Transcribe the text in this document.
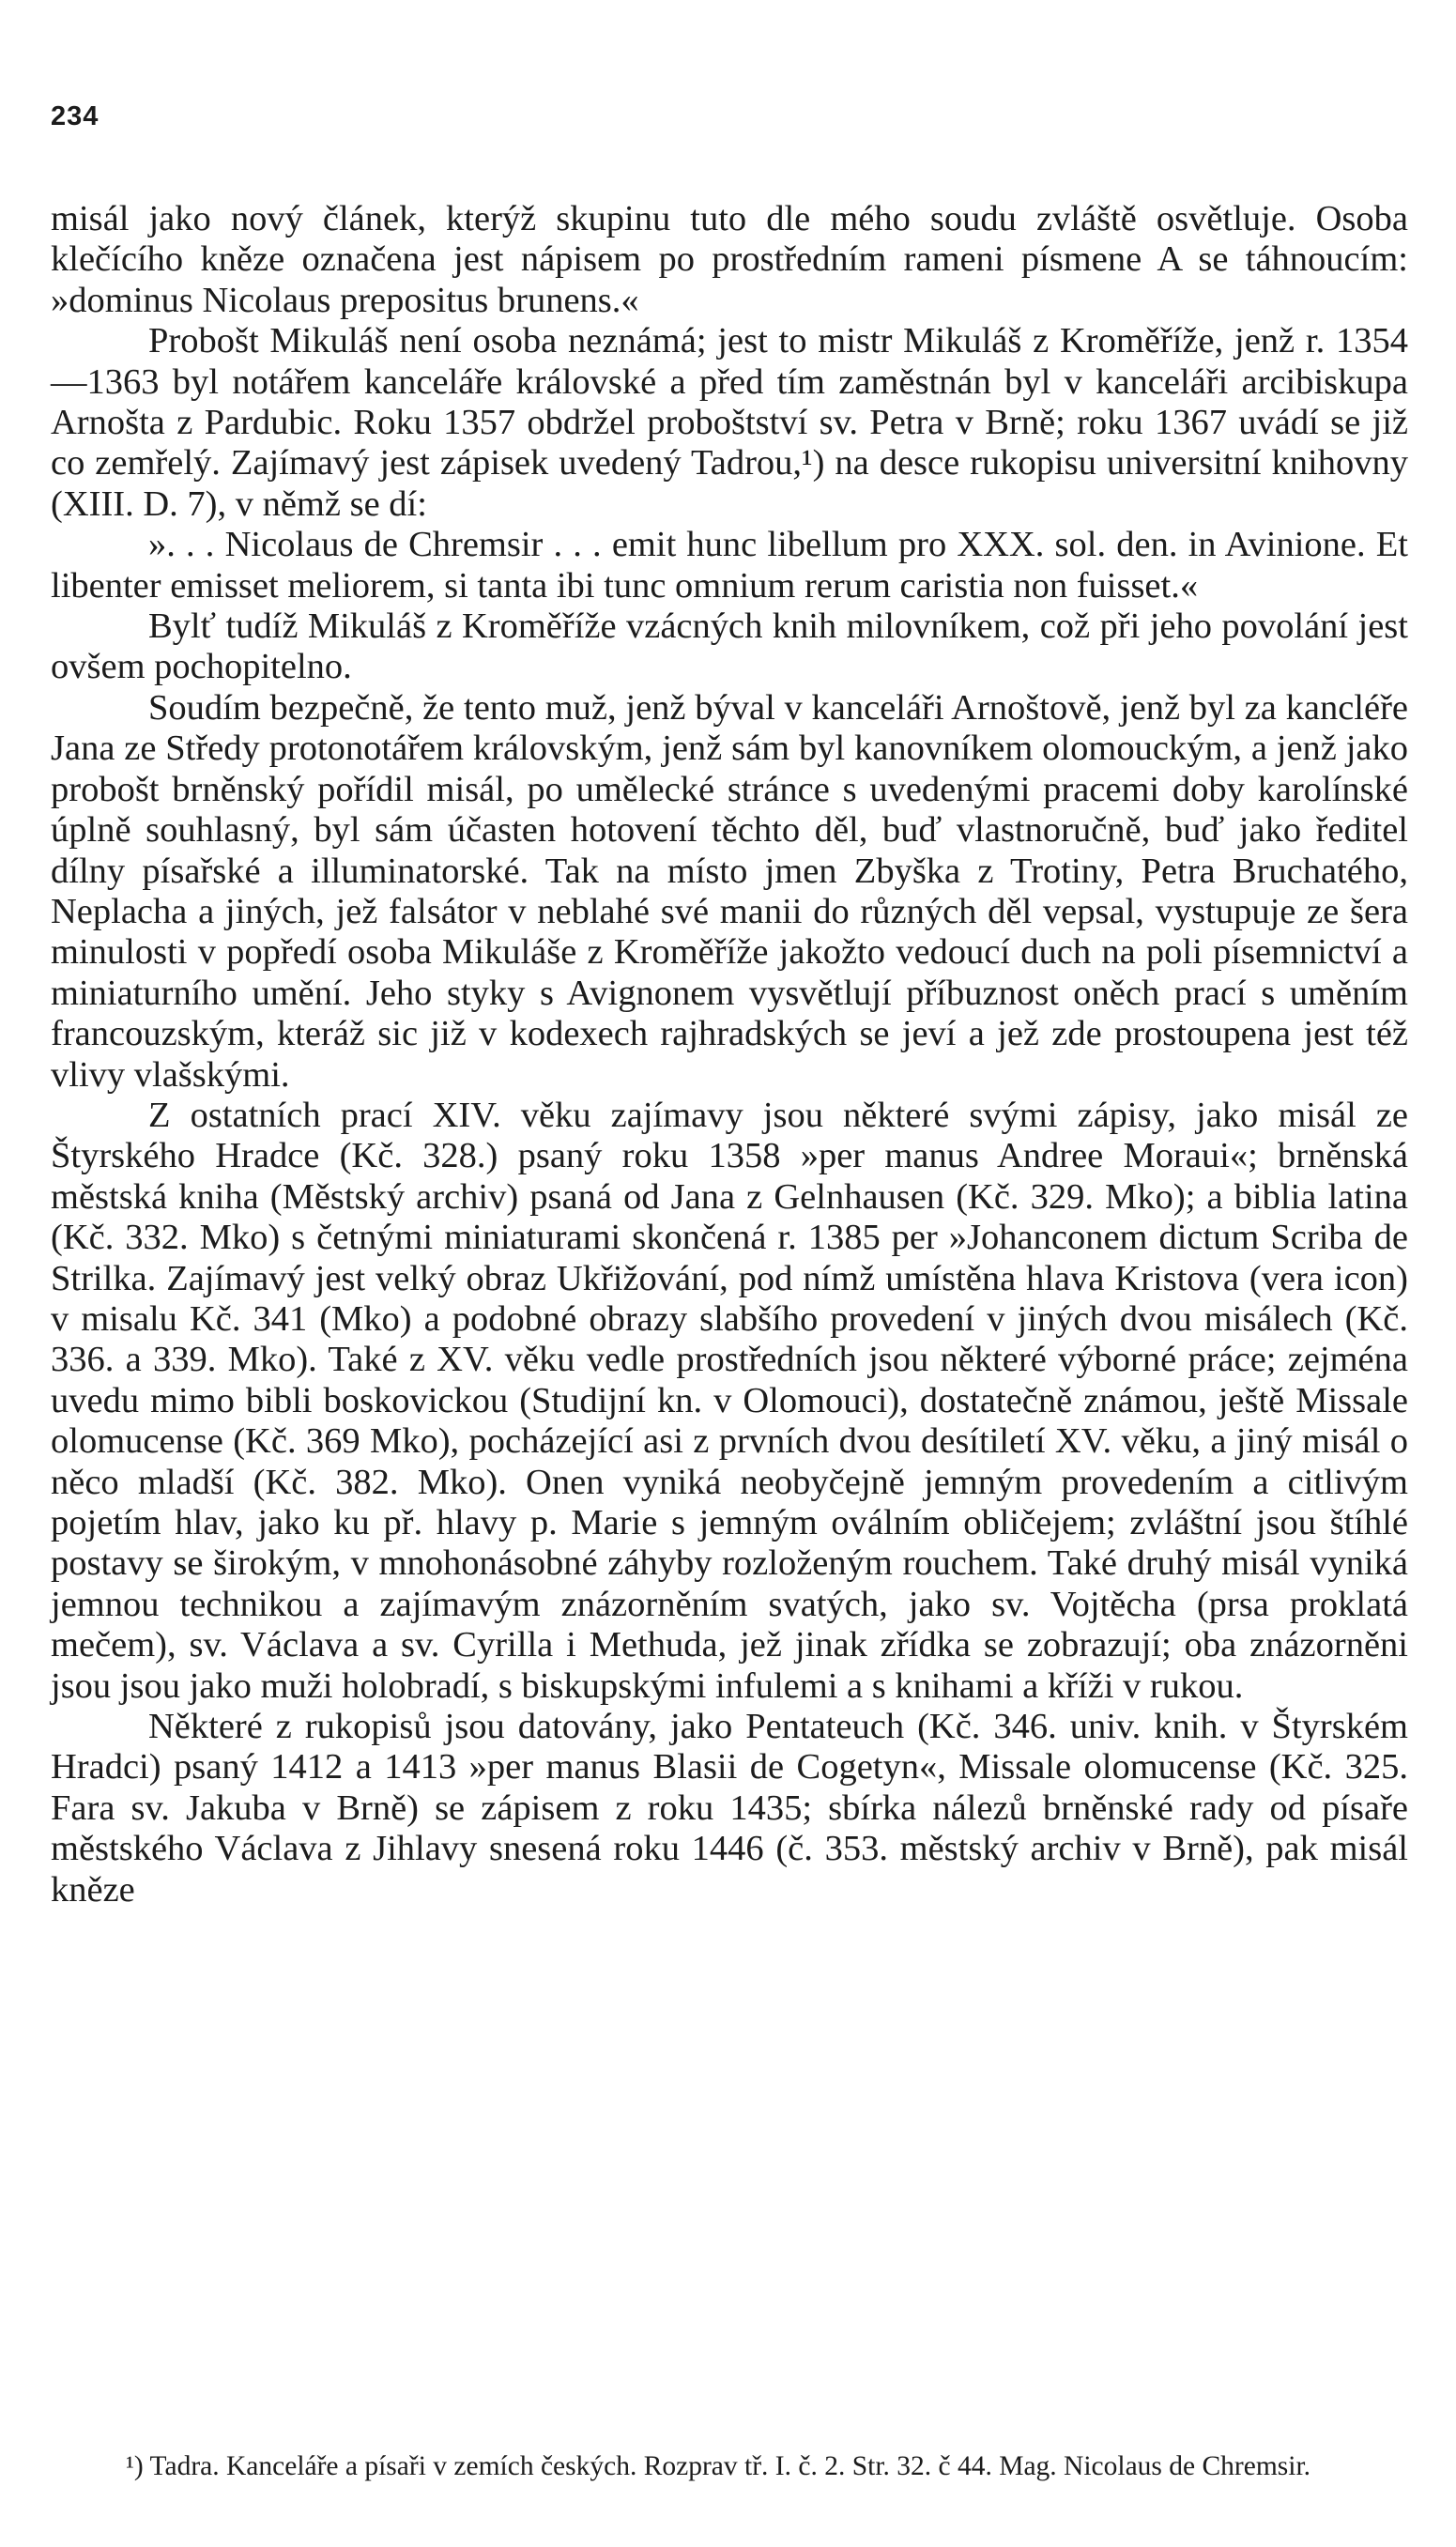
234

misál jako nový článek, kterýž skupinu tuto dle mého soudu zvláště osvětluje. Osoba klečícího kněze označena jest nápisem po prostředním rameni písmene A se táhnoucím: »dominus Nicolaus prepositus brunens.«

Probošt Mikuláš není osoba neznámá; jest to mistr Mikuláš z Kroměříže, jenž r. 1354—1363 byl notářem kanceláře královské a před tím zaměstnán byl v kanceláři arcibiskupa Arnošta z Pardubic. Roku 1357 obdržel proboštství sv. Petra v Brně; roku 1367 uvádí se již co zemřelý. Zajímavý jest zápisek uvedený Tadrou,¹) na desce rukopisu universitní knihovny (XIII. D. 7), v němž se dí:

». . . Nicolaus de Chremsir . . . emit hunc libellum pro XXX. sol. den. in Avinione. Et libenter emisset meliorem, si tanta ibi tunc omnium rerum caristia non fuisset.«

Bylť tudíž Mikuláš z Kroměříže vzácných knih milovníkem, což při jeho povolání jest ovšem pochopitelno.

Soudím bezpečně, že tento muž, jenž býval v kanceláři Arnoštově, jenž byl za kancléře Jana ze Středy protonotářem královským, jenž sám byl kanovníkem olomouckým, a jenž jako probošt brněnský pořídil misál, po umělecké stránce s uvedenými pracemi doby karolínské úplně souhlasný, byl sám účasten hotovení těchto děl, buď vlastnoručně, buď jako ředitel dílny písařské a illuminatorské. Tak na místo jmen Zbyška z Trotiny, Petra Bruchatého, Neplacha a jiných, jež falsátor v neblahé své manii do různých děl vepsal, vystupuje ze šera minulosti v popředí osoba Mikuláše z Kroměříže jakožto vedoucí duch na poli písemnictví a miniaturního umění. Jeho styky s Avignonem vysvětlují příbuznost oněch prací s uměním francouzským, kteráž sic již v kodexech rajhradských se jeví a jež zde prostoupena jest též vlivy vlašskými.

Z ostatních prací XIV. věku zajímavy jsou některé svými zápisy, jako misál ze Štyrského Hradce (Kč. 328.) psaný roku 1358 »per manus Andree Moraui«; brněnská městská kniha (Městský archiv) psaná od Jana z Gelnhausen (Kč. 329. Mko); a biblia latina (Kč. 332. Mko) s četnými miniaturami skončená r. 1385 per »Johanconem dictum Scriba de Strilka. Zajímavý jest velký obraz Ukřižování, pod nímž umístěna hlava Kristova (vera icon) v misalu Kč. 341 (Mko) a podobné obrazy slabšího provedení v jiných dvou misálech (Kč. 336. a 339. Mko). Také z XV. věku vedle prostředních jsou některé výborné práce; zejména uvedu mimo bibli boskovickou (Studijní kn. v Olomouci), dostatečně známou, ještě Missale olomucense (Kč. 369 Mko), pocházející asi z prvních dvou desítiletí XV. věku, a jiný misál o něco mladší (Kč. 382. Mko). Onen vyniká neobyčejně jemným provedením a citlivým pojetím hlav, jako ku př. hlavy p. Marie s jemným oválním obličejem; zvláštní jsou štíhlé postavy se širokým, v mnohonásobné záhyby rozloženým rouchem. Také druhý misál vyniká jemnou technikou a zajímavým znázorněním svatých, jako sv. Vojtěcha (prsa proklatá mečem), sv. Václava a sv. Cyrilla i Methuda, jež jinak zřídka se zobrazují; oba znázorněni jsou jsou jako muži holobradí, s biskupskými infulemi a s knihami a kříži v rukou.

Některé z rukopisů jsou datovány, jako Pentateuch (Kč. 346. univ. knih. v Štyrském Hradci) psaný 1412 a 1413 »per manus Blasii de Cogetyn«, Missale olomucense (Kč. 325. Fara sv. Jakuba v Brně) se zápisem z roku 1435; sbírka nálezů brněnské rady od písaře městského Václava z Jihlavy snesená roku 1446 (č. 353. městský archiv v Brně), pak misál kněze

¹) Tadra. Kanceláře a písaři v zemích českých. Rozprav tř. I. č. 2. Str. 32. č 44. Mag. Nicolaus de Chremsir.
